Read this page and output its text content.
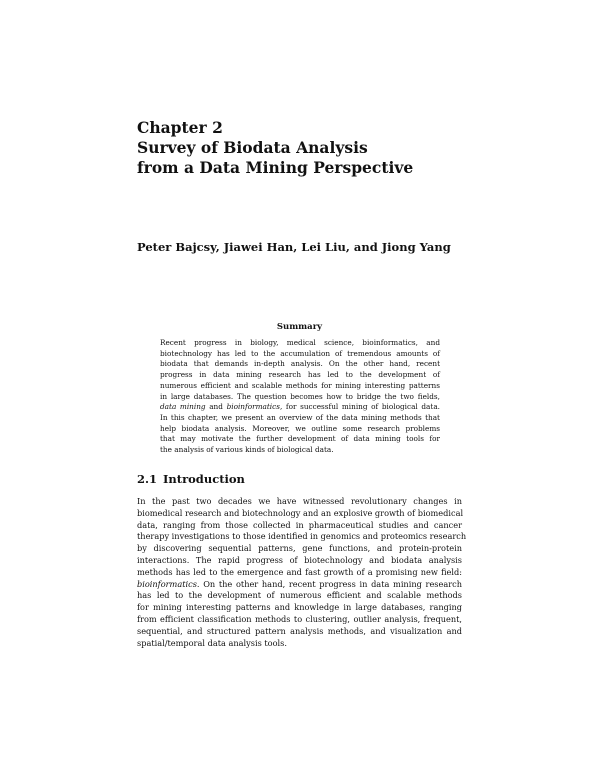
Chapter 2
Survey of Biodata Analysis
from a Data Mining Perspective
Peter Bajcsy, Jiawei Han, Lei Liu, and Jiong Yang
Summary
Recent progress in biology, medical science, bioinformatics, and
biotechnology has led to the accumulation of tremendous amounts of
biodata that demands in-depth analysis. On the other hand, recent
progress in data mining research has led to the development of
numerous efficient and scalable methods for mining interesting patterns
in large databases. The question becomes how to bridge the two fields,
data mining and bioinformatics, for successful mining of biological data.
In this chapter, we present an overview of the data mining methods that
help biodata analysis. Moreover, we outline some research problems
that may motivate the further development of data mining tools for
the analysis of various kinds of biological data.
2.1 Introduction
In the past two decades we have witnessed revolutionary changes in
biomedical research and biotechnology and an explosive growth of biomedical
data, ranging from those collected in pharmaceutical studies and cancer
therapy investigations to those identified in genomics and proteomics research
by discovering sequential patterns, gene functions, and protein-protein
interactions. The rapid progress of biotechnology and biodata analysis
methods has led to the emergence and fast growth of a promising new field:
bioinformatics. On the other hand, recent progress in data mining research
has led to the development of numerous efficient and scalable methods
for mining interesting patterns and knowledge in large databases, ranging
from efficient classification methods to clustering, outlier analysis, frequent,
sequential, and structured pattern analysis methods, and visualization and
spatial/temporal data analysis tools.
